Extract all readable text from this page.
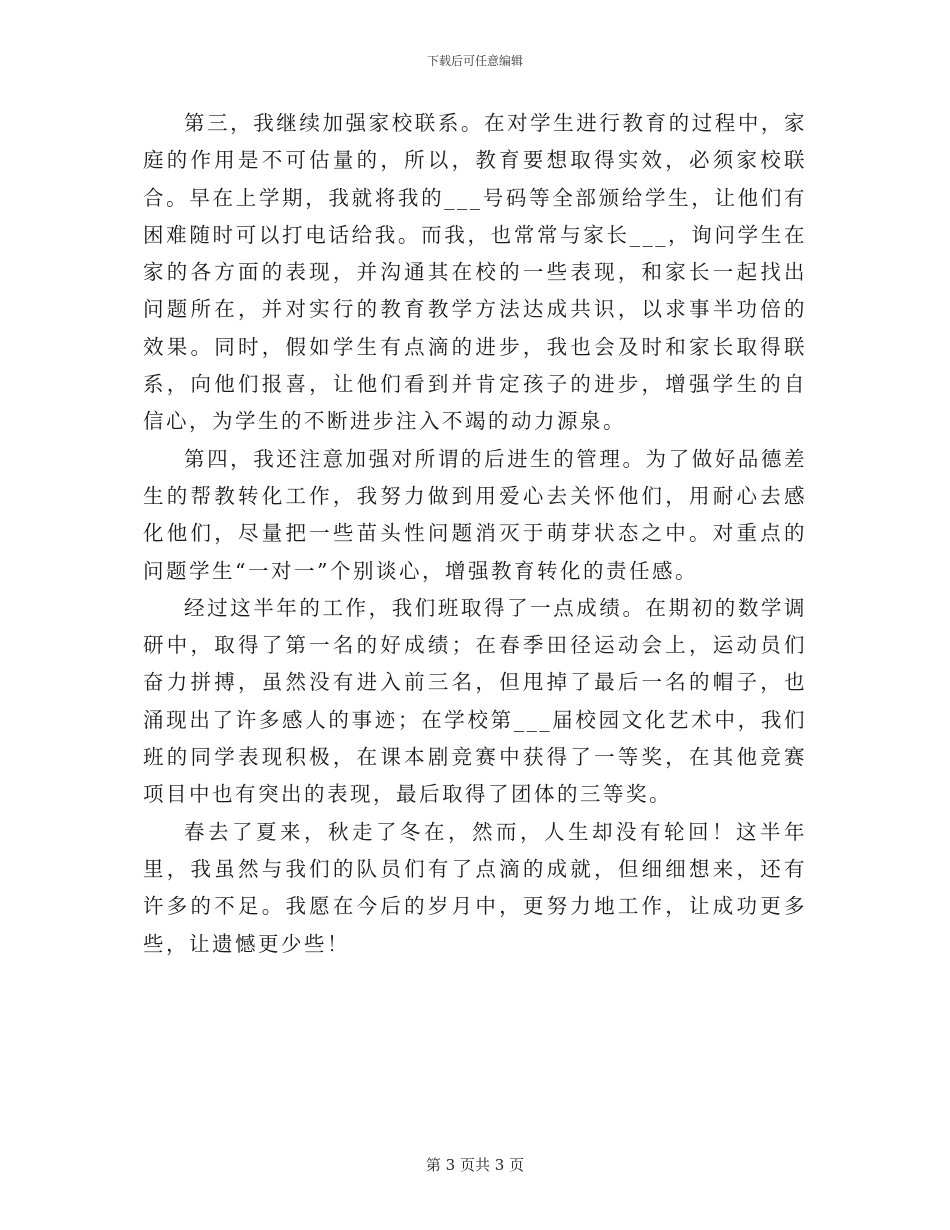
下载后可任意编辑

第三，我继续加强家校联系。在对学生进行教育的过程中，家庭的作用是不可估量的，所以，教育要想取得实效，必须家校联合。早在上学期，我就将我的___号码等全部颁给学生，让他们有困难随时可以打电话给我。而我，也常常与家长___，询问学生在家的各方面的表现，并沟通其在校的一些表现，和家长一起找出问题所在，并对实行的教育教学方法达成共识，以求事半功倍的效果。同时，假如学生有点滴的进步，我也会及时和家长取得联系，向他们报喜，让他们看到并肯定孩子的进步，增强学生的自信心，为学生的不断进步注入不竭的动力源泉。

第四，我还注意加强对所谓的后进生的管理。为了做好品德差生的帮教转化工作，我努力做到用爱心去关怀他们，用耐心去感化他们，尽量把一些苗头性问题消灭于萌芽状态之中。对重点的问题学生“一对一”个别谈心，增强教育转化的责任感。

经过这半年的工作，我们班取得了一点成绩。在期初的数学调研中，取得了第一名的好成绩；在春季田径运动会上，运动员们奋力拼搏，虽然没有进入前三名，但甩掉了最后一名的帽子，也涌现出了许多感人的事迹；在学校第___届校园文化艺术中，我们班的同学表现积极，在课本剧竞赛中获得了一等奖，在其他竞赛项目中也有突出的表现，最后取得了团体的三等奖。

春去了夏来，秋走了冬在，然而，人生却没有轮回！这半年里，我虽然与我们的队员们有了点滴的成就，但细细想来，还有许多的不足。我愿在今后的岁月中，更努力地工作，让成功更多些，让遗憾更少些！

第 3 页共 3 页
